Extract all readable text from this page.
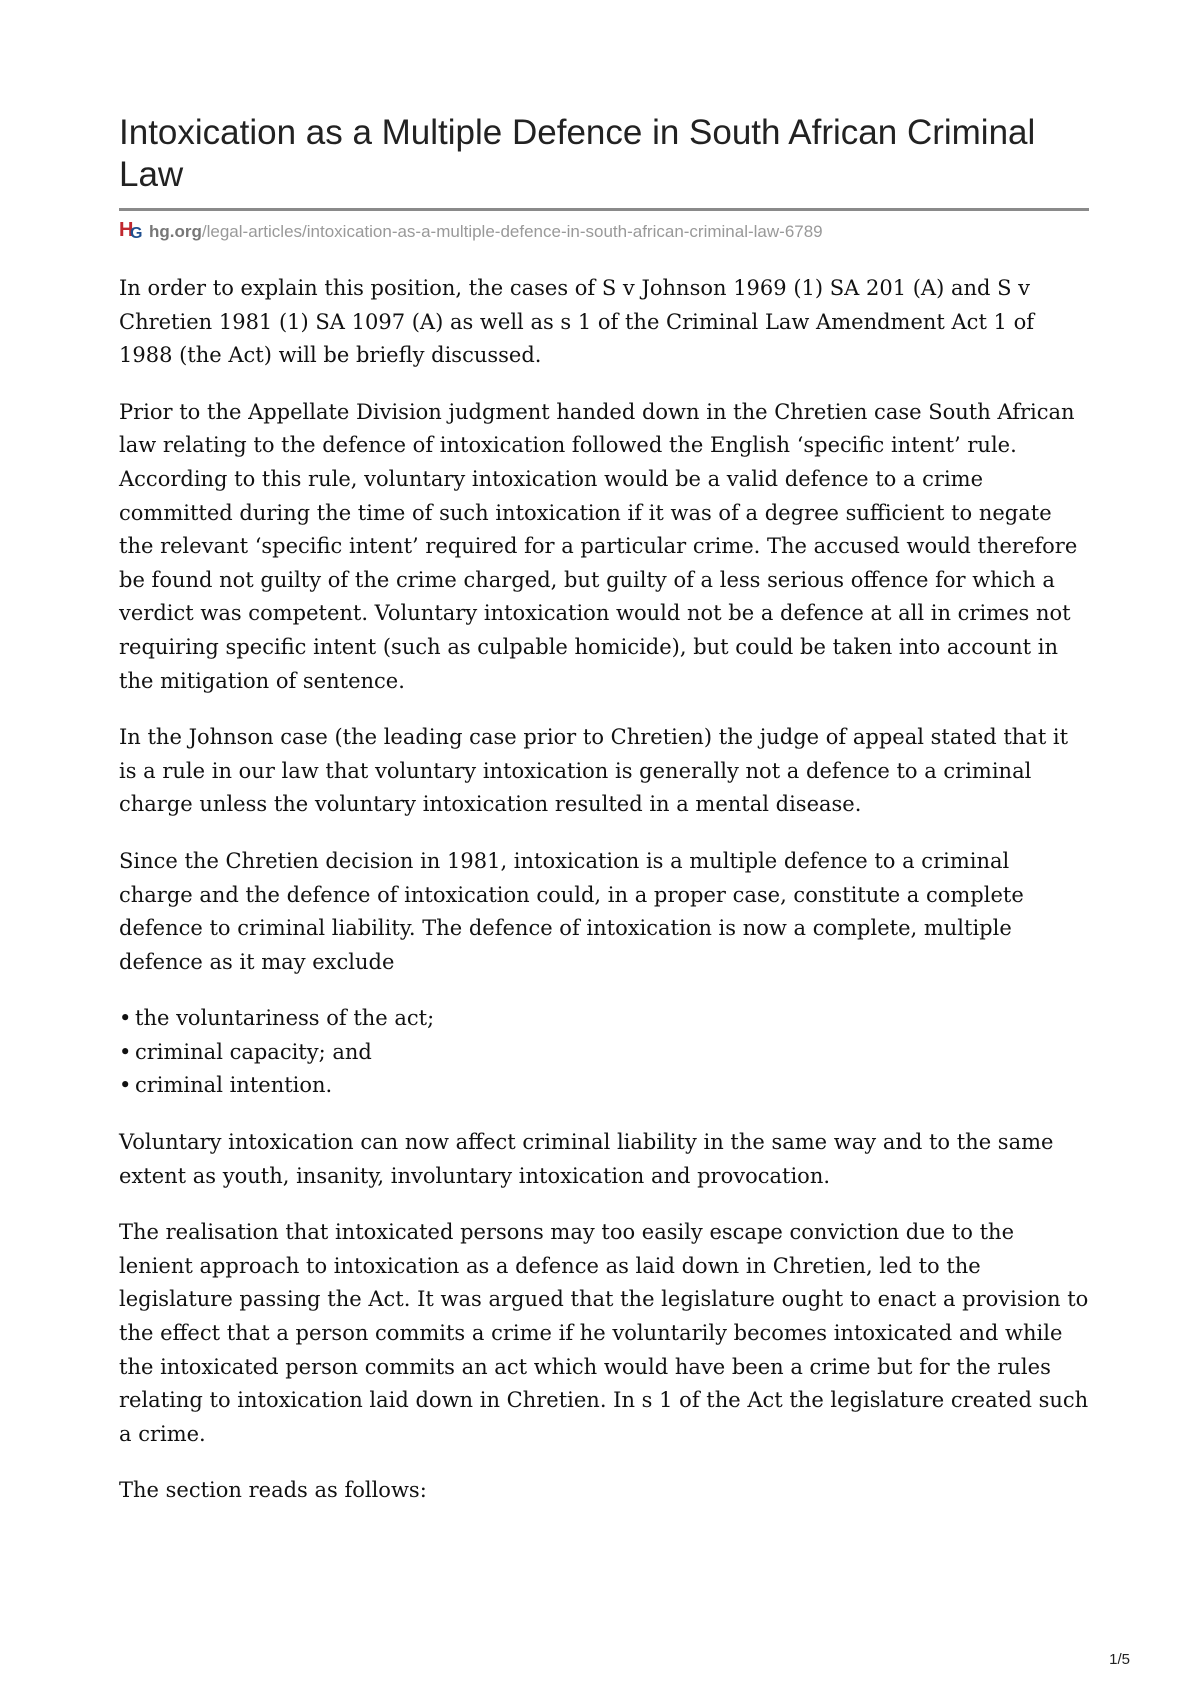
Intoxication as a Multiple Defence in South African Criminal Law
H
G hg.org /legal-articles/intoxication-as-a-multiple-defence-in-south-african-criminal-law-6789

In order to explain this position, the cases of S v Johnson 1969 (1) SA 201 (A) and S v Chretien 1981 (1) SA 1097 (A) as well as s 1 of the Criminal Law Amendment Act 1 of 1988 (the Act) will be briefly discussed.

Prior to the Appellate Division judgment handed down in the Chretien case South African law relating to the defence of intoxication followed the English ‘specific intent’ rule. According to this rule, voluntary intoxication would be a valid defence to a crime committed during the time of such intoxication if it was of a degree sufficient to negate the relevant ‘specific intent’ required for a particular crime. The accused would therefore be found not guilty of the crime charged, but guilty of a less serious offence for which a verdict was competent. Voluntary intoxication would not be a defence at all in crimes not requiring specific intent (such as culpable homicide), but could be taken into account in the mitigation of sentence.

In the Johnson case (the leading case prior to Chretien) the judge of appeal stated that it is a rule in our law that voluntary intoxication is generally not a defence to a criminal charge unless the voluntary intoxication resulted in a mental disease.

Since the Chretien decision in 1981, intoxication is a multiple defence to a criminal charge and the defence of intoxication could, in a proper case, constitute a complete defence to criminal liability. The defence of intoxication is now a complete, multiple defence as it may exclude

• the voluntariness of the act;
• criminal capacity; and
• criminal intention.

Voluntary intoxication can now affect criminal liability in the same way and to the same extent as youth, insanity, involuntary intoxication and provocation.

The realisation that intoxicated persons may too easily escape conviction due to the lenient approach to intoxication as a defence as laid down in Chretien, led to the legislature passing the Act. It was argued that the legislature ought to enact a provision to the effect that a person commits a crime if he voluntarily becomes intoxicated and while the intoxicated person commits an act which would have been a crime but for the rules relating to intoxication laid down in Chretien. In s 1 of the Act the legislature created such a crime.

The section reads as follows:

1/5
